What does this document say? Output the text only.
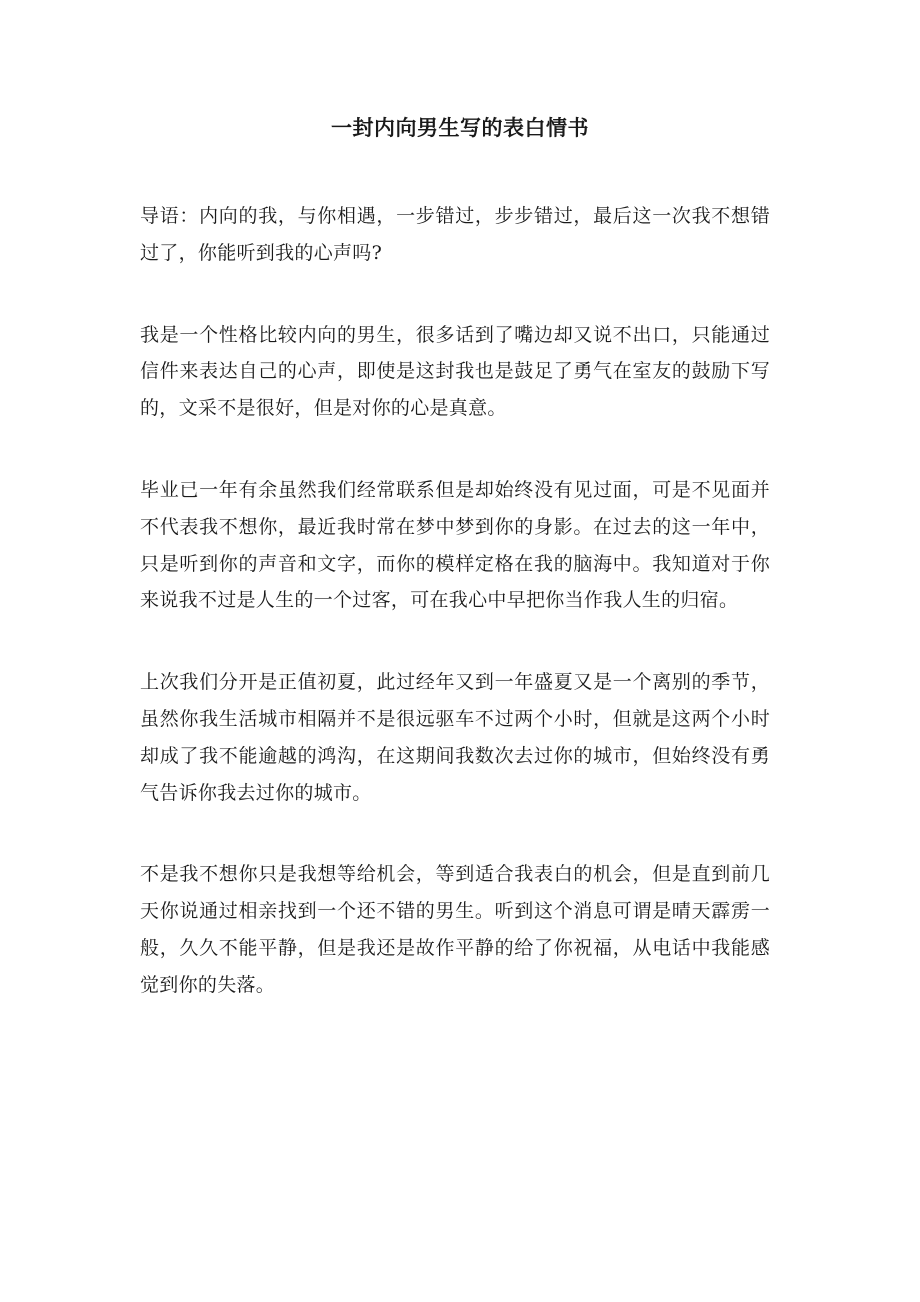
一封内向男生写的表白情书

导语：内向的我，与你相遇，一步错过，步步错过，最后这一次我不想错过了，你能听到我的心声吗?

我是一个性格比较内向的男生，很多话到了嘴边却又说不出口，只能通过信件来表达自己的心声，即使是这封我也是鼓足了勇气在室友的鼓励下写的，文采不是很好，但是对你的心是真意。

毕业已一年有余虽然我们经常联系但是却始终没有见过面，可是不见面并不代表我不想你，最近我时常在梦中梦到你的身影。在过去的这一年中，只是听到你的声音和文字，而你的模样定格在我的脑海中。我知道对于你来说我不过是人生的一个过客，可在我心中早把你当作我人生的归宿。

上次我们分开是正值初夏，此过经年又到一年盛夏又是一个离别的季节，虽然你我生活城市相隔并不是很远驱车不过两个小时，但就是这两个小时却成了我不能逾越的鸿沟，在这期间我数次去过你的城市，但始终没有勇气告诉你我去过你的城市。

不是我不想你只是我想等给机会，等到适合我表白的机会，但是直到前几天你说通过相亲找到一个还不错的男生。听到这个消息可谓是晴天霹雳一般，久久不能平静，但是我还是故作平静的给了你祝福，从电话中我能感觉到你的失落。
